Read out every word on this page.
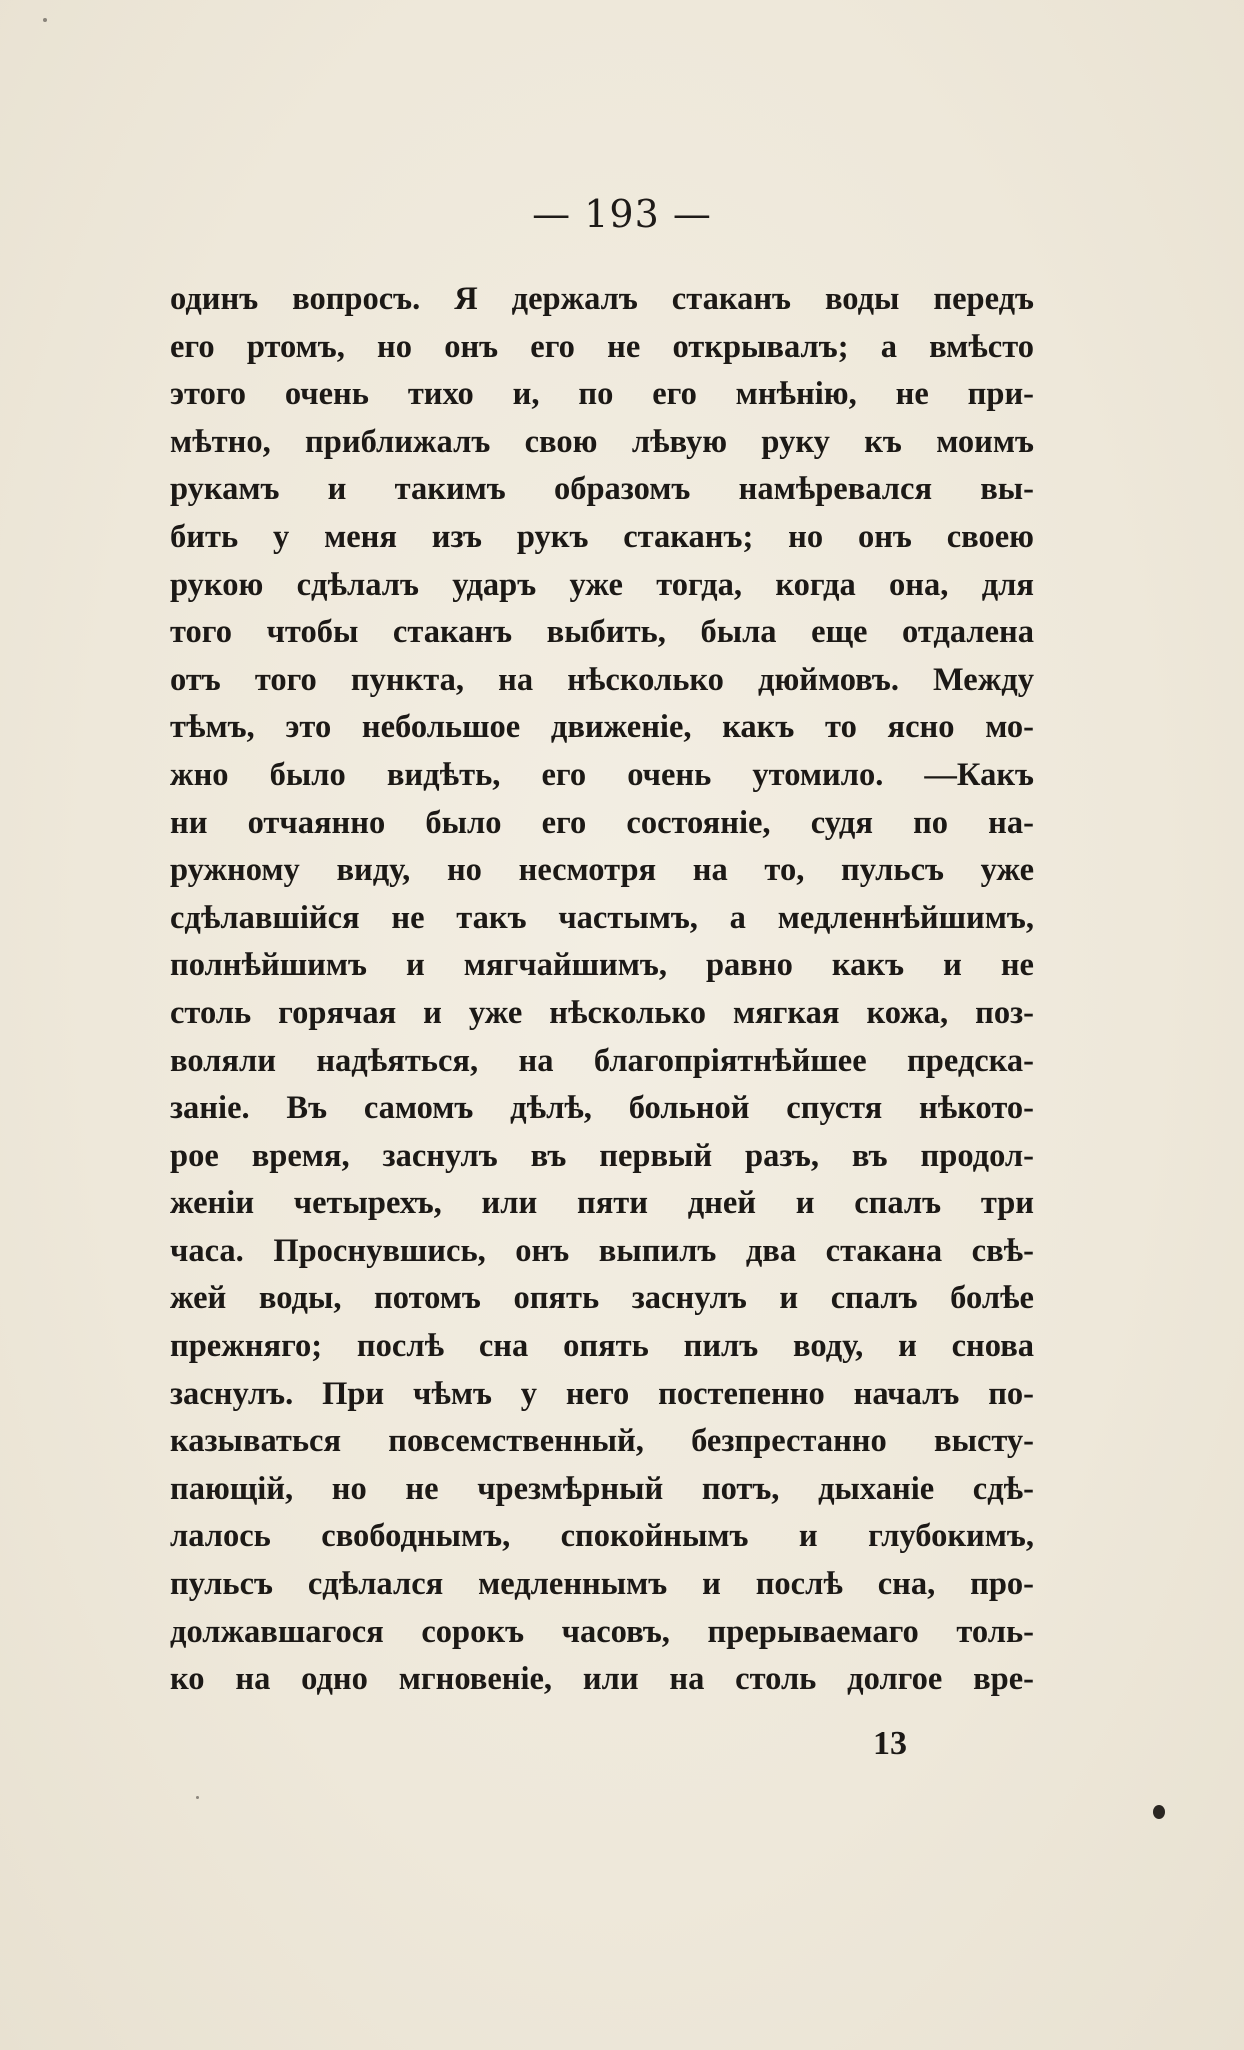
— 193 —
одинъ вопросъ. Я держалъ стаканъ воды передъ
его ртомъ, но онъ его не открывалъ; а вмѣсто
этого очень тихо и, по его мнѣнію, не при-
мѣтно, приближалъ свою лѣвую руку къ моимъ
рукамъ и такимъ образомъ намѣревался вы-
бить у меня изъ рукъ стаканъ; но онъ своею
рукою сдѣлалъ ударъ уже тогда, когда она, для
того чтобы стаканъ выбить, была еще отдалена
отъ того пункта, на нѣсколько дюймовъ. Между
тѣмъ, это небольшое движеніе, какъ то ясно мо-
жно было видѣть, его очень утомило. —Какъ
ни отчаянно было его состояніе, судя по на-
ружному виду, но несмотря на то, пульсъ уже
сдѣлавшійся не такъ частымъ, а медленнѣйшимъ,
полнѣйшимъ и мягчайшимъ, равно какъ и не
столь горячая и уже нѣсколько мягкая кожа, поз-
воляли надѣяться, на благопріятнѣйшее предска-
заніе. Въ самомъ дѣлѣ, больной спустя нѣкото-
рое время, заснулъ въ первый разъ, въ продол-
женіи четырехъ, или пяти дней и спалъ три
часа. Проснувшись, онъ выпилъ два стакана свѣ-
жей воды, потомъ опять заснулъ и спалъ болѣе
прежняго; послѣ сна опять пилъ воду, и снова
заснулъ. При чѣмъ у него постепенно началъ по-
казываться повсемственный, безпрестанно высту-
пающій, но не чрезмѣрный потъ, дыханіе сдѣ-
лалось свободнымъ, спокойнымъ и глубокимъ,
пульсъ сдѣлался медленнымъ и послѣ сна, про-
должавшагося сорокъ часовъ, прерываемаго толь-
ко на одно мгновеніе, или на столь долгое вре-
13
